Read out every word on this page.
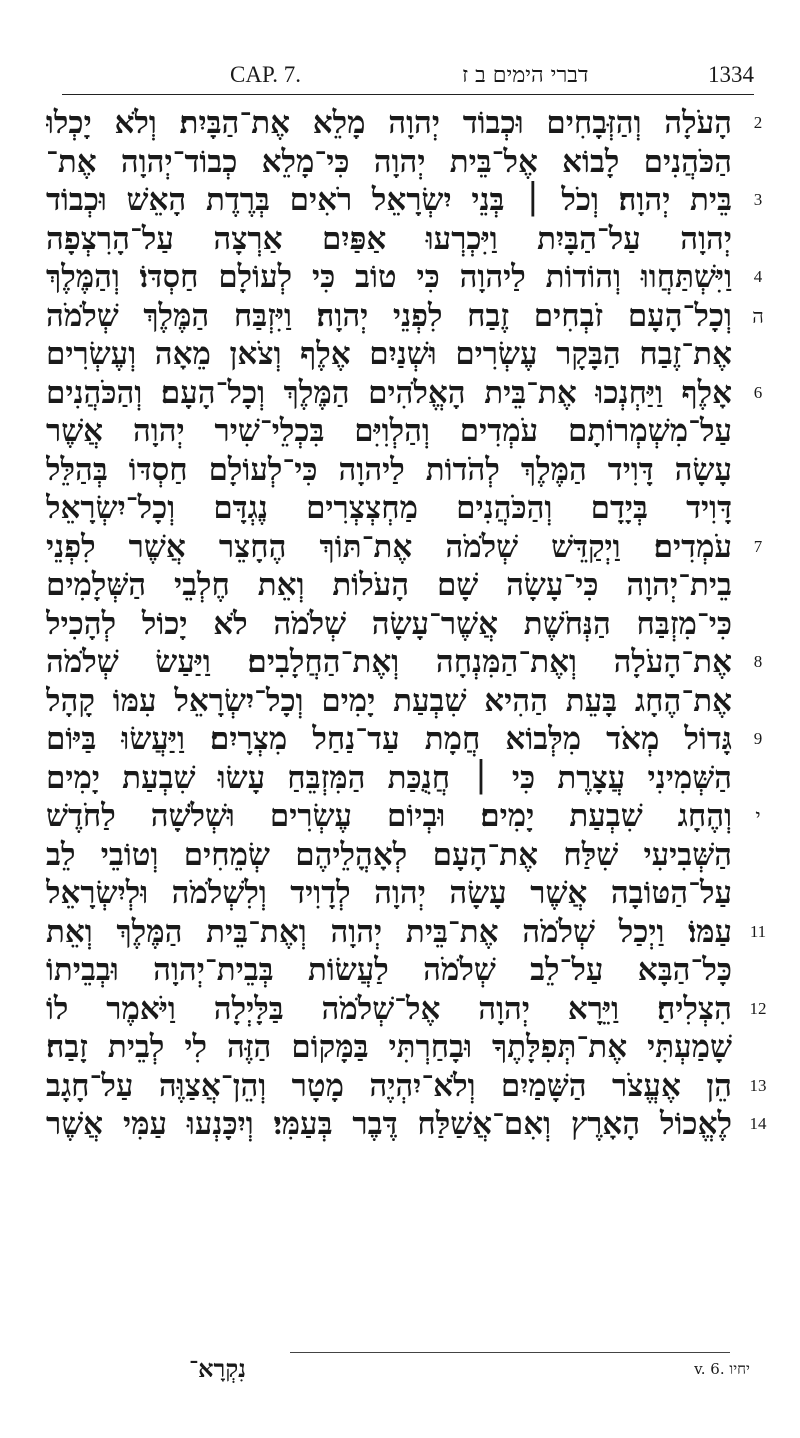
CAP. 7.	דברי הימים ב ז	1334
הָעֹלָה וְהַזְּבָחִים וּכְבוֹד יְהוָה מָלֵא אֶת־הַבָּיִת׃ וְלֹא יָכְלוּ
הַכֹּהֲנִים לָבוֹא אֶל־בֵּית יְהוָה כִּי־מָלֵא כְבוֹד־יְהוָה אֶת־
בֵּית יְהוָה׃ וְכֹל ׀ בְּנֵי יִשְׂרָאֵל רֹאִים בְּרֶדֶת הָאֵשׁ וּכְבוֹד
יְהוָה עַל־הַבָּיִת וַיִּכְרְעוּ אַפַּיִם אַרְצָה עַל־הָרִצְפָה
וַיִּשְׁתַּחֲווּ וְהוֹדוֹת לַיהוָה כִּי טוֹב כִּי לְעוֹלָם חַסְדּוֹ׃ וְהַמֶּלֶךְ
וְכָל־הָעָם זֹבְחִים זֶבַח לִפְנֵי יְהוָה׃ וַיִּזְבַּח הַמֶּלֶךְ שְׁלֹמֹה
אֶת־זֶבַח הַבָּקָר עֶשְׂרִים וּשְׁנַיִם אֶלֶף וְצֹאן מֵאָה וְעֶשְׂרִים
אָלֶף וַיַּחְנְכוּ אֶת־בֵּית הָאֱלֹהִים הַמֶּלֶךְ וְכָל־הָעָם׃ וְהַכֹּהֲנִים
עַל־מִשְׁמְרוֹתָם עֹמְדִים וְהַלְוִיִּם בִּכְלֵי־שִׁיר יְהוָה אֲשֶׁר
עָשָׂה דָּוִיד הַמֶּלֶךְ לְהֹדוֹת לַיהוָה כִּי־לְעוֹלָם חַסְדּוֹ בְּהַלֵּל
דָּוִיד בְּיָדָם וְהַכֹּהֲנִים מַחְצְצְרִים נֶגְדָּם וְכָל־יִשְׂרָאֵל
עֹמְדִים׃ וַיְקַדֵּשׁ שְׁלֹמֹה אֶת־תּוֹךְ הֶחָצֵר אֲשֶׁר לִפְנֵי
בֵית־יְהוָה כִּי־עָשָׂה שָׁם הָעֹלוֹת וְאֵת חֶלְבֵי הַשְּׁלָמִים
כִּי־מִזְבַּח הַנְּחֹשֶׁת אֲשֶׁר־עָשָׂה שְׁלֹמֹה לֹא יָכוֹל לְהָכִיל
אֶת־הָעֹלָה וְאֶת־הַמִּנְחָה וְאֶת־הַחֲלָבִים׃ וַיַּעַשׂ שְׁלֹמֹה
אֶת־הֶחָג בָּעֵת הַהִיא שִׁבְעַת יָמִים וְכָל־יִשְׂרָאֵל עִמּוֹ קָהָל
גָּדוֹל מְאֹד מִלְּבוֹא חֲמָת עַד־נַחַל מִצְרָיִם׃ וַיַּעֲשׂוּ בַּיּוֹם
הַשְּׁמִינִי עֲצָרֶת כִּי ׀ חֲנֻכַּת הַמִּזְבֵּחַ עָשׂוּ שִׁבְעַת יָמִים
וְהֶחָג שִׁבְעַת יָמִים׃ וּבְיוֹם עֶשְׂרִים וּשְׁלֹשָׁה לַחֹדֶשׁ
הַשְּׁבִיעִי שִׁלַּח אֶת־הָעָם לְאָהֳלֵיהֶם שְׂמֵחִים וְטוֹבֵי לֵב
עַל־הַטּוֹבָה אֲשֶׁר עָשָׂה יְהוָה לְדָוִיד וְלִשְׁלֹמֹה וּלְיִשְׂרָאֵל
עַמּוֹ׃ וַיְכַל שְׁלֹמֹה אֶת־בֵּית יְהוָה וְאֶת־בֵּית הַמֶּלֶךְ וְאֵת
כָּל־הַבָּא עַל־לֵב שְׁלֹמֹה לַעֲשׂוֹת בְּבֵית־יְהוָה וּבְבֵיתוֹ
הִצְלִיחַ׃ וַיֵּרָא יְהוָה אֶל־שְׁלֹמֹה בַּלָּיְלָה וַיֹּאמֶר לוֹ
שָׁמַעְתִּי אֶת־תְּפִלָּתֶךָ וּבָחַרְתִּי בַּמָּקוֹם הַזֶּה לִי לְבֵית זָבַח׃
הֵן אֶעֱצֹר הַשָּׁמַיִם וְלֹא־יִהְיֶה מָטָר וְהֵן־אֲצַוֶּה עַל־חָגָב
לֶאֱכוֹל הָאָרֶץ וְאִם־אֲשַׁלַּח דֶּבֶר בְּעַמִּי׃ וְיִכָּנְעוּ עַמִּי אֲשֶׁר
2
3
4
ה
6
7
8
9
י
11
12
13
14
נִקְרָא־	יחיו v. 6.
